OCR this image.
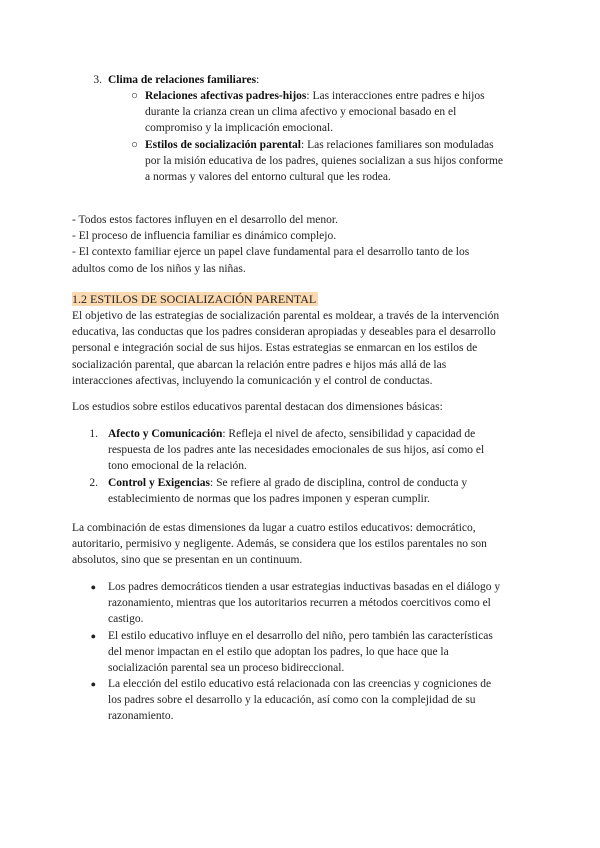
3. Clima de relaciones familiares:
○ Relaciones afectivas padres-hijos: Las interacciones entre padres e hijos
durante la crianza crean un clima afectivo y emocional basado en el
compromiso y la implicación emocional.
○ Estilos de socialización parental: Las relaciones familiares son moduladas
por la misión educativa de los padres, quienes socializan a sus hijos conforme
a normas y valores del entorno cultural que les rodea.
- Todos estos factores influyen en el desarrollo del menor.
- El proceso de influencia familiar es dinámico complejo.
- El contexto familiar ejerce un papel clave fundamental para el desarrollo tanto de los
adultos como de los niños y las niñas.
1.2 ESTILOS DE SOCIALIZACIÓN PARENTAL
El objetivo de las estrategias de socialización parental es moldear, a través de la intervención
educativa, las conductas que los padres consideran apropiadas y deseables para el desarrollo
personal e integración social de sus hijos. Estas estrategias se enmarcan en los estilos de
socialización parental, que abarcan la relación entre padres e hijos más allá de las
interacciones afectivas, incluyendo la comunicación y el control de conductas.
Los estudios sobre estilos educativos parental destacan dos dimensiones básicas:
1. Afecto y Comunicación: Refleja el nivel de afecto, sensibilidad y capacidad de
respuesta de los padres ante las necesidades emocionales de sus hijos, así como el
tono emocional de la relación.
2. Control y Exigencias: Se refiere al grado de disciplina, control de conducta y
establecimiento de normas que los padres imponen y esperan cumplir.
La combinación de estas dimensiones da lugar a cuatro estilos educativos: democrático,
autoritario, permisivo y negligente. Además, se considera que los estilos parentales no son
absolutos, sino que se presentan en un continuum.
● Los padres democráticos tienden a usar estrategias inductivas basadas en el diálogo y
razonamiento, mientras que los autoritarios recurren a métodos coercitivos como el
castigo.
● El estilo educativo influye en el desarrollo del niño, pero también las características
del menor impactan en el estilo que adoptan los padres, lo que hace que la
socialización parental sea un proceso bidireccional.
● La elección del estilo educativo está relacionada con las creencias y cogniciones de
los padres sobre el desarrollo y la educación, así como con la complejidad de su
razonamiento.
